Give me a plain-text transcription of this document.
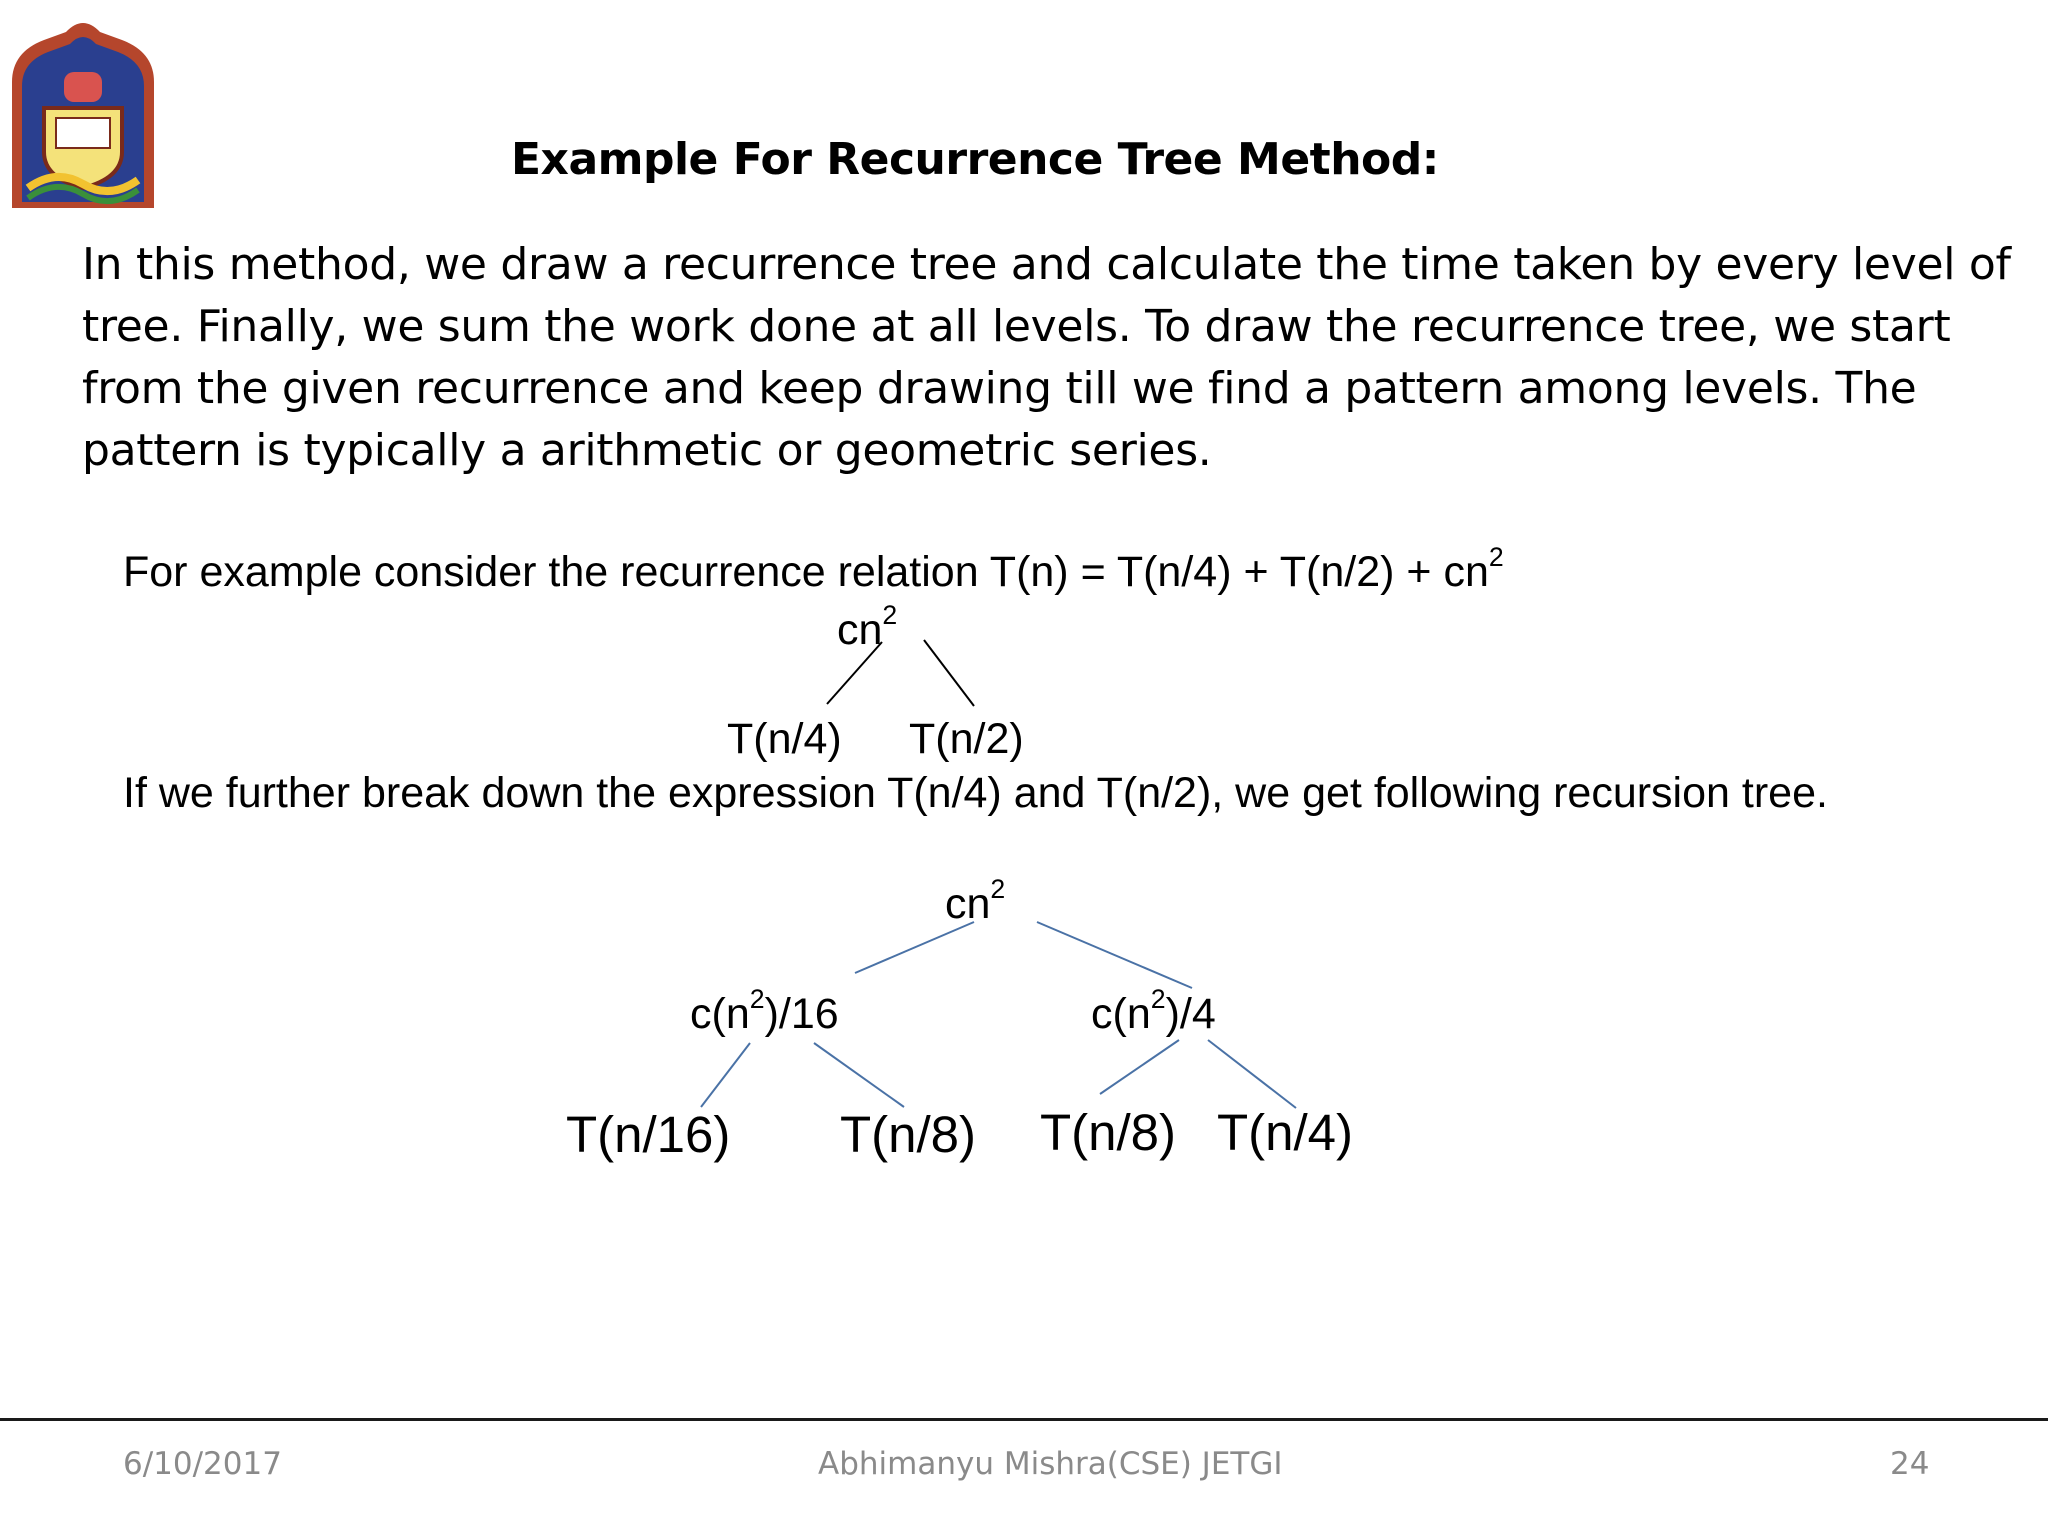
Example For Recurrence Tree Method:
In this method, we draw a recurrence tree and calculate the time taken by every level of tree. Finally, we sum the work done at all levels. To draw the recurrence tree, we start from the given recurrence and keep drawing till we find a pattern among levels. The pattern is typically a arithmetic or geometric series.
For example consider the recurrence relation $T(n) = T(n/4) + T(n/2) + cn^2$
$cn^2$
T(n/4) T(n/2)
If we further break down the expression T(n/4) and T(n/2), we get following recursion tree.
$cn^2$
$c(n^2)/16$	$c(n^2)/4$
T(n/16) T(n/8) T(n/8) T(n/4)
6/10/2017	Abhimanyu Mishra(CSE) JETGI	24
